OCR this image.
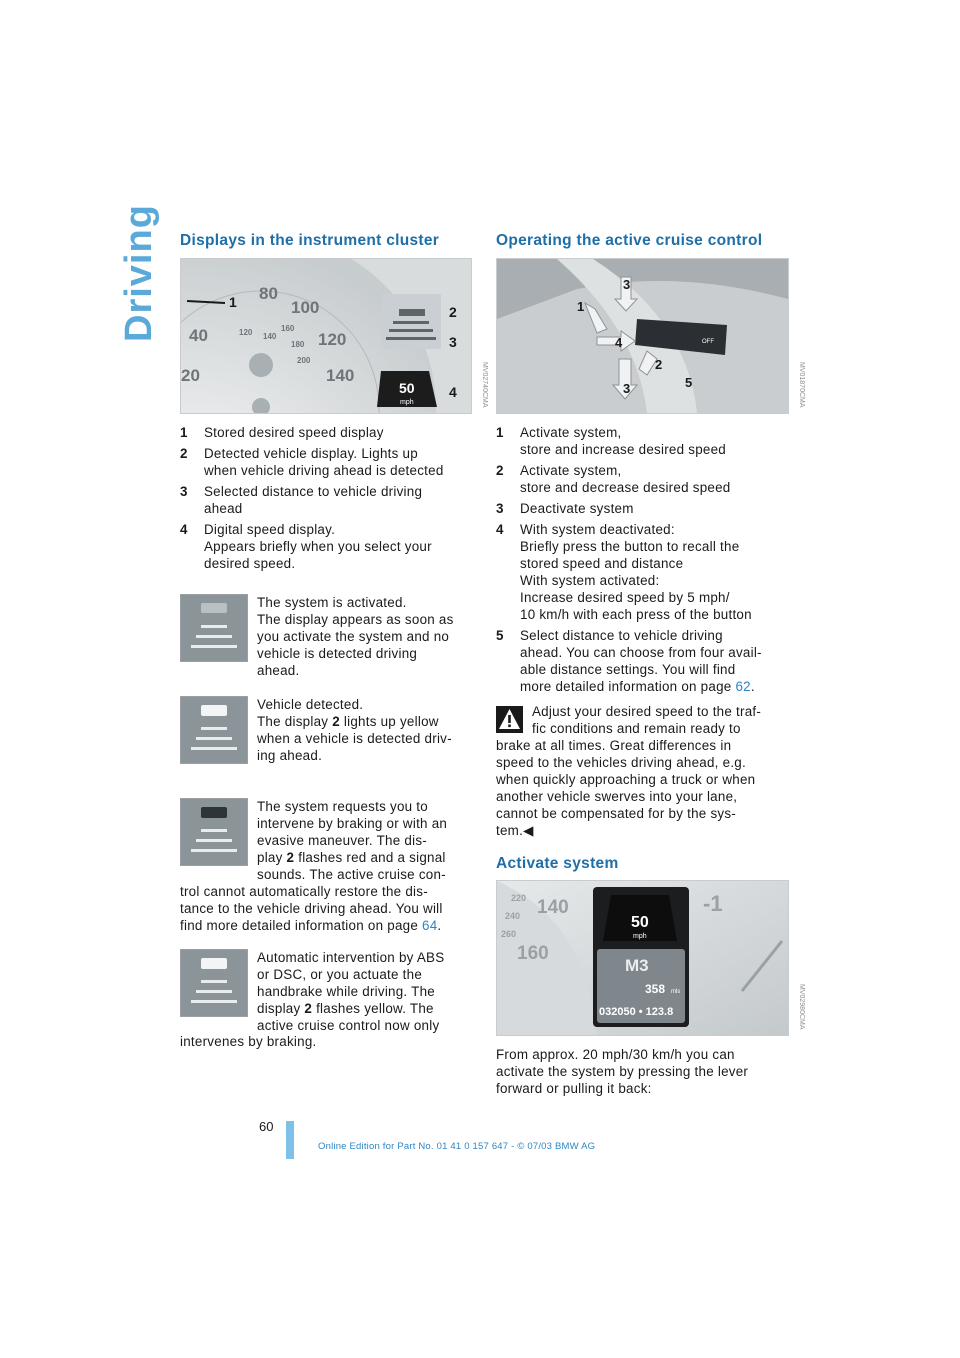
Driving Displays in the instrument cluster
80
100
120
140
40
20
120 140
160
180
200
1
2
3
50
mph
4	MV02740CMA
1 Stored desired speed display
2 Detected vehicle display. Lights up
when vehicle driving ahead is detected
3 Selected distance to vehicle driving
ahead
4 Digital speed display.
Appears briefly when you select your
desired speed.

The system is activated.
The display appears as soon as
you activate the system and no
vehicle is detected driving
ahead.

Vehicle detected.
The display 2 lights up yellow
when a vehicle is detected driv-
ing ahead.

The system requests you to
intervene by braking or with an
evasive maneuver. The dis-
play 2 flashes red and a signal
sounds. The active cruise con-

trol cannot automatically restore the dis-
tance to the vehicle driving ahead. You will
find more detailed information on page 64.

Automatic intervention by ABS
or DSC, or you actuate the
handbrake while driving. The
display 2 flashes yellow. The
active cruise control now only

intervenes by braking.

Operating the active cruise control
OFF
1
2
3
3
4
5	MV01870CMA
1 Activate system,
store and increase desired speed
2 Activate system,
store and decrease desired speed
3 Deactivate system
4 With system deactivated:
Briefly press the button to recall the
stored speed and distance
With system activated:
Increase desired speed by 5 mph/
10 km/h with each press of the button
5 Select distance to vehicle driving
ahead. You can choose from four avail-
able distance settings. You will find
more detailed information on page 62.

Adjust your desired speed to the traf-
fic conditions and remain ready to

brake at all times. Great differences in
speed to the vehicles driving ahead, e.g.
when quickly approaching a truck or when
another vehicle swerves into your lane,
cannot be compensated for by the sys-
tem.◀

Activate system
220 140
240
260
160
-1
50
mph
M3
358 mls
032050 • 123.8	MV02980CMA

From approx. 20 mph/30 km/h you can
activate the system by pressing the lever
forward or pulling it back:

60
Online Edition for Part No. 01 41 0 157 647 - © 07/03 BMW AG
